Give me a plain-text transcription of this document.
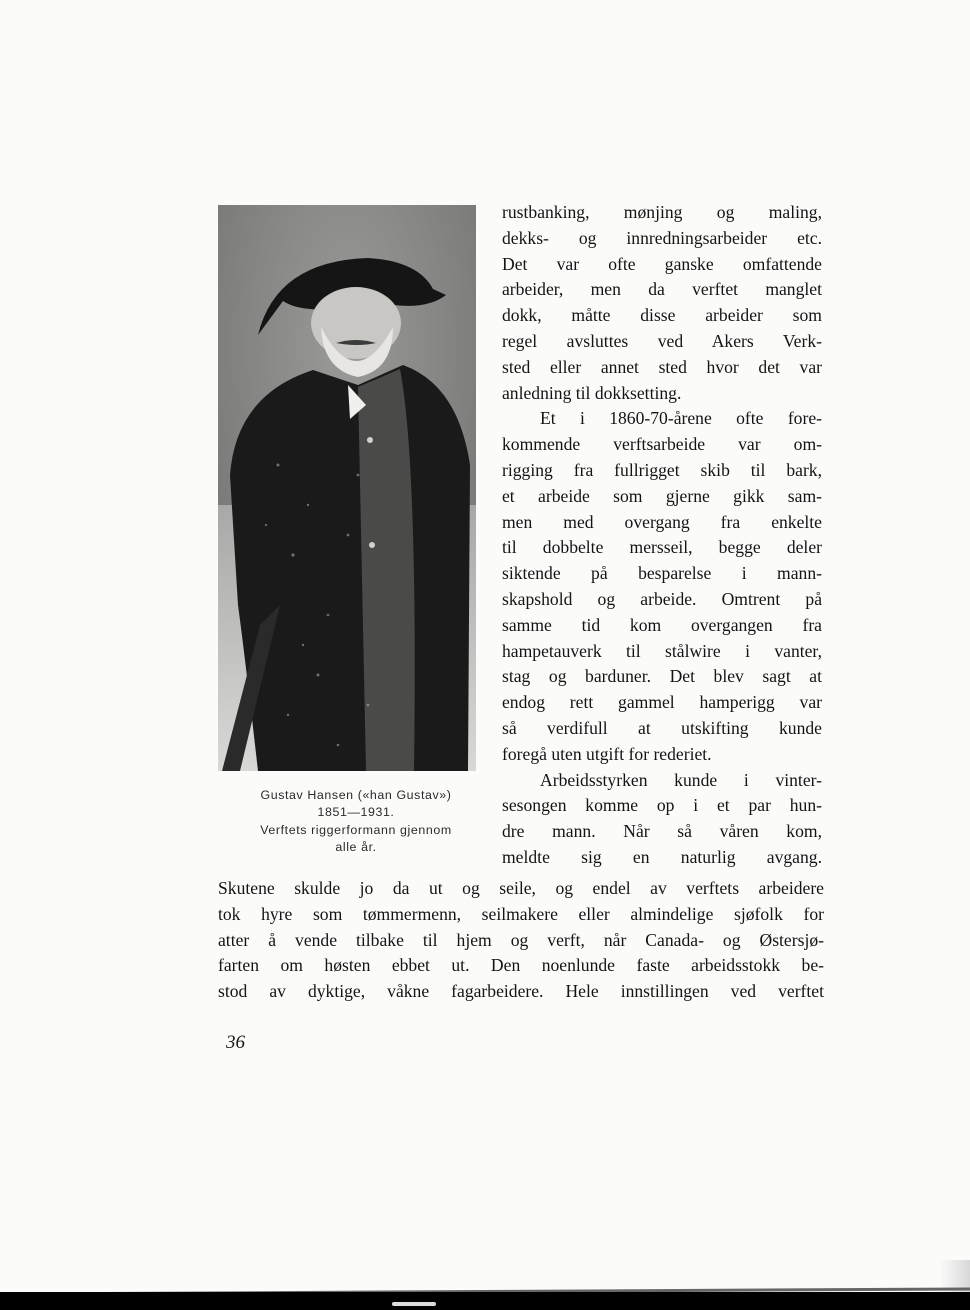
Gustav Hansen («han Gustav»)
1851—1931.
Verftets riggerformann gjennom
alle år.
rustbanking, mønjing og maling,
dekks- og innredningsarbeider etc.
Det var ofte ganske omfattende
arbeider, men da verftet manglet
dokk, måtte disse arbeider som
regel avsluttes ved Akers Verk-
sted eller annet sted hvor det var
anledning til dokksetting.
Et i 1860-70-årene ofte fore-
kommende verftsarbeide var om-
rigging fra fullrigget skib til bark,
et arbeide som gjerne gikk sam-
men med overgang fra enkelte
til dobbelte mersseil, begge deler
siktende på besparelse i mann-
skapshold og arbeide. Omtrent på
samme tid kom overgangen fra
hampetauverk til stålwire i vanter,
stag og barduner. Det blev sagt at
endog rett gammel hamperigg var
så verdifull at utskifting kunde
foregå uten utgift for rederiet.
Arbeidsstyrken kunde i vinter-
sesongen komme op i et par hun-
dre mann. Når så våren kom,
meldte sig en naturlig avgang.
Skutene skulde jo da ut og seile, og endel av verftets arbeidere
tok hyre som tømmermenn, seilmakere eller almindelige sjøfolk for
atter å vende tilbake til hjem og verft, når Canada- og Østersjø-
farten om høsten ebbet ut. Den noenlunde faste arbeidsstokk be-
stod av dyktige, våkne fagarbeidere. Hele innstillingen ved verftet
36
